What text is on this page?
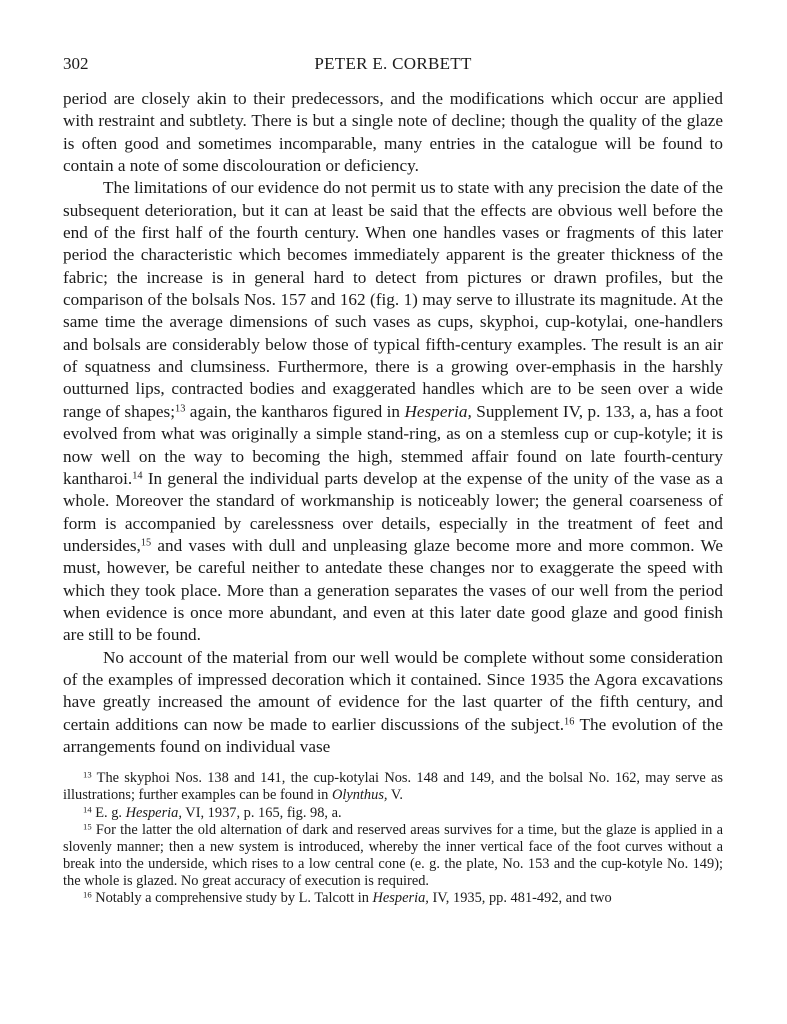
302	PETER E. CORBETT

period are closely akin to their predecessors, and the modifications which occur are applied with restraint and subtlety. There is but a single note of decline; though the quality of the glaze is often good and sometimes incomparable, many entries in the catalogue will be found to contain a note of some discolouration or deficiency.

The limitations of our evidence do not permit us to state with any precision the date of the subsequent deterioration, but it can at least be said that the effects are obvious well before the end of the first half of the fourth century. When one handles vases or fragments of this later period the characteristic which becomes immediately apparent is the greater thickness of the fabric; the increase is in general hard to detect from pictures or drawn profiles, but the comparison of the bolsals Nos. 157 and 162 (fig. 1) may serve to illustrate its magnitude. At the same time the average dimensions of such vases as cups, skyphoi, cup-kotylai, one-handlers and bolsals are considerably below those of typical fifth-century examples. The result is an air of squatness and clumsiness. Furthermore, there is a growing over-emphasis in the harshly outturned lips, contracted bodies and exaggerated handles which are to be seen over a wide range of shapes;$^{13}$ again, the kantharos figured in Hesperia, Supplement IV, p. 133, a, has a foot evolved from what was originally a simple stand-ring, as on a stemless cup or cup-kotyle; it is now well on the way to becoming the high, stemmed affair found on late fourth-century kantharoi.$^{14}$ In general the individual parts develop at the expense of the unity of the vase as a whole. Moreover the standard of workmanship is noticeably lower; the general coarseness of form is accompanied by carelessness over details, especially in the treatment of feet and undersides,$^{15}$ and vases with dull and unpleasing glaze become more and more common. We must, however, be careful neither to antedate these changes nor to exaggerate the speed with which they took place. More than a generation separates the vases of our well from the period when evidence is once more abundant, and even at this later date good glaze and good finish are still to be found.

No account of the material from our well would be complete without some consideration of the examples of impressed decoration which it contained. Since 1935 the Agora excavations have greatly increased the amount of evidence for the last quarter of the fifth century, and certain additions can now be made to earlier discussions of the subject.$^{16}$ The evolution of the arrangements found on individual vase

$^{13}$ The skyphoi Nos. 138 and 141, the cup-kotylai Nos. 148 and 149, and the bolsal No. 162, may serve as illustrations; further examples can be found in Olynthus, V.

$^{14}$ E. g. Hesperia, VI, 1937, p. 165, fig. 98, a.

$^{15}$ For the latter the old alternation of dark and reserved areas survives for a time, but the glaze is applied in a slovenly manner; then a new system is introduced, whereby the inner vertical face of the foot curves without a break into the underside, which rises to a low central cone (e. g. the plate, No. 153 and the cup-kotyle No. 149); the whole is glazed. No great accuracy of execution is required.

$^{16}$ Notably a comprehensive study by L. Talcott in Hesperia, IV, 1935, pp. 481-492, and two
